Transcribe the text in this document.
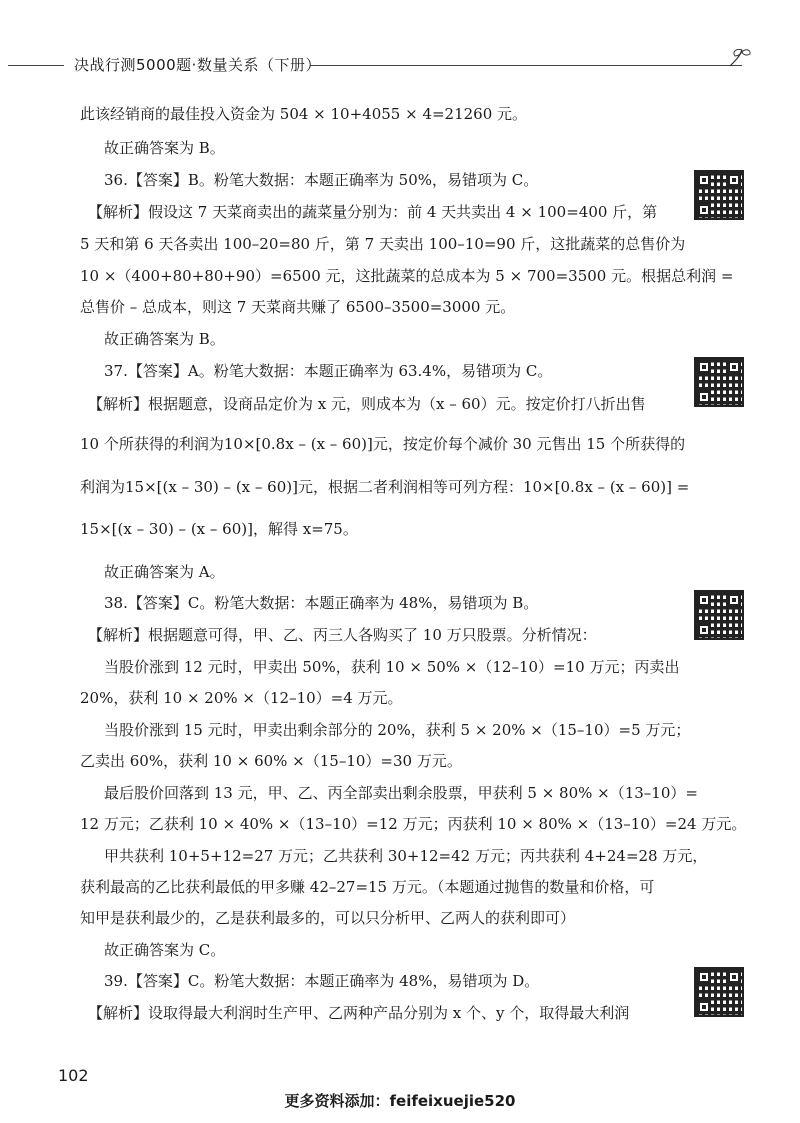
决战行测5000题·数量关系（下册）
此该经销商的最佳投入资金为 504 × 10+4055 × 4=21260 元。
故正确答案为 B。
36.【答案】B。粉笔大数据：本题正确率为 50%，易错项为 C。
【解析】假设这 7 天菜商卖出的蔬菜量分别为：前 4 天共卖出 4 × 100=400 斤，第
5 天和第 6 天各卖出 100–20=80 斤，第 7 天卖出 100–10=90 斤，这批蔬菜的总售价为
10 ×（400+80+80+90）=6500 元，这批蔬菜的总成本为 5 × 700=3500 元。根据总利润 =
总售价 – 总成本，则这 7 天菜商共赚了 6500–3500=3000 元。
故正确答案为 B。
37.【答案】A。粉笔大数据：本题正确率为 63.4%，易错项为 C。
【解析】根据题意，设商品定价为 x 元，则成本为（x – 60）元。按定价打八折出售
10 个所获得的利润为10×[0.8x – (x – 60)]元，按定价每个减价 30 元售出 15 个所获得的
利润为15×[(x – 30) – (x – 60)]元，根据二者利润相等可列方程：10×[0.8x – (x – 60)] =
15×[(x – 30) – (x – 60)]，解得 x=75。
故正确答案为 A。
38.【答案】C。粉笔大数据：本题正确率为 48%，易错项为 B。
【解析】根据题意可得，甲、乙、丙三人各购买了 10 万只股票。分析情况：
当股价涨到 12 元时，甲卖出 50%，获利 10 × 50% ×（12–10）=10 万元；丙卖出
20%，获利 10 × 20% ×（12–10）=4 万元。
当股价涨到 15 元时，甲卖出剩余部分的 20%，获利 5 × 20% ×（15–10）=5 万元；
乙卖出 60%，获利 10 × 60% ×（15–10）=30 万元。
最后股价回落到 13 元，甲、乙、丙全部卖出剩余股票，甲获利 5 × 80% ×（13–10）=
12 万元；乙获利 10 × 40% ×（13–10）=12 万元；丙获利 10 × 80% ×（13–10）=24 万元。
甲共获利 10+5+12=27 万元；乙共获利 30+12=42 万元；丙共获利 4+24=28 万元，
获利最高的乙比获利最低的甲多赚 42–27=15 万元。（本题通过抛售的数量和价格，可
知甲是获利最少的，乙是获利最多的，可以只分析甲、乙两人的获利即可）
故正确答案为 C。
39.【答案】C。粉笔大数据：本题正确率为 48%，易错项为 D。
【解析】设取得最大利润时生产甲、乙两种产品分别为 x 个、y 个，取得最大利润
102
更多资料添加：feifeixuejie520
